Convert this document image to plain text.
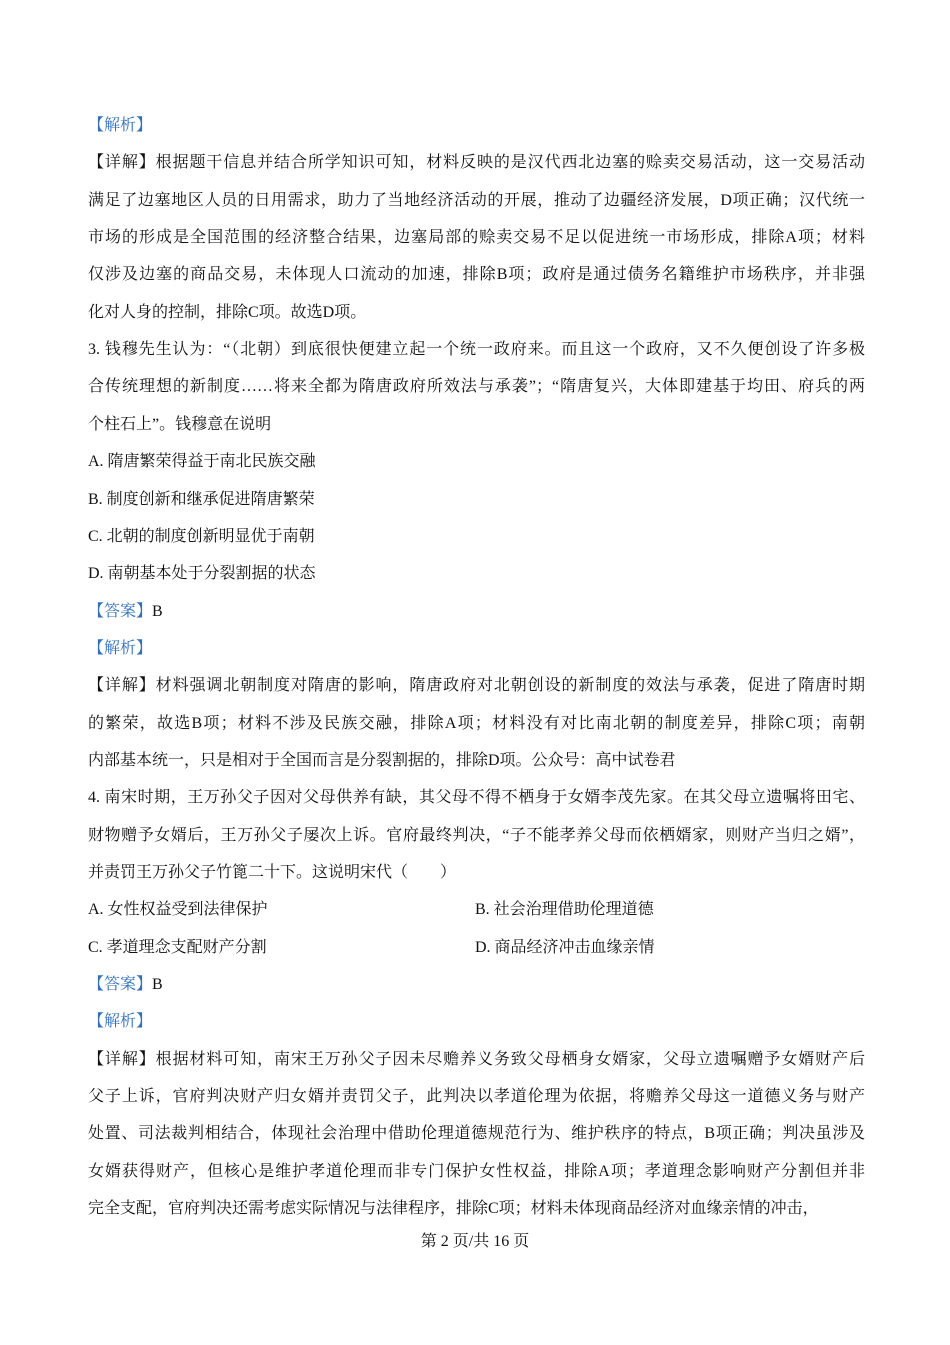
【解析】
【详解】根据题干信息并结合所学知识可知，材料反映的是汉代西北边塞的赊卖交易活动，这一交易活动
满足了边塞地区人员的日用需求，助力了当地经济活动的开展，推动了边疆经济发展，D项正确；汉代统一
市场的形成是全国范围的经济整合结果，边塞局部的赊卖交易不足以促进统一市场形成，排除A项；材料
仅涉及边塞的商品交易，未体现人口流动的加速，排除B项；政府是通过债务名籍维护市场秩序，并非强
化对人身的控制，排除C项。故选D项。
3. 钱穆先生认为：“（北朝）到底很快便建立起一个统一政府来。而且这一个政府，又不久便创设了许多极
合传统理想的新制度……将来全都为隋唐政府所效法与承袭”；“隋唐复兴，大体即建基于均田、府兵的两
个柱石上”。钱穆意在说明
A. 隋唐繁荣得益于南北民族交融
B. 制度创新和继承促进隋唐繁荣
C. 北朝的制度创新明显优于南朝
D. 南朝基本处于分裂割据的状态
【答案】B
【解析】
【详解】材料强调北朝制度对隋唐的影响，隋唐政府对北朝创设的新制度的效法与承袭，促进了隋唐时期
的繁荣，故选B项；材料不涉及民族交融，排除A项；材料没有对比南北朝的制度差异，排除C项；南朝
内部基本统一，只是相对于全国而言是分裂割据的，排除D项。公众号：高中试卷君
4. 南宋时期，王万孙父子因对父母供养有缺，其父母不得不栖身于女婿李茂先家。在其父母立遗嘱将田宅、
财物赠予女婿后，王万孙父子屡次上诉。官府最终判决，“子不能孝养父母而依栖婿家，则财产当归之婿”，
并责罚王万孙父子竹篦二十下。这说明宋代（　　）
A. 女性权益受到法律保护	B. 社会治理借助伦理道德
C. 孝道理念支配财产分割	D. 商品经济冲击血缘亲情
【答案】B
【解析】
【详解】根据材料可知，南宋王万孙父子因未尽赡养义务致父母栖身女婿家，父母立遗嘱赠予女婿财产后
父子上诉，官府判决财产归女婿并责罚父子，此判决以孝道伦理为依据，将赡养父母这一道德义务与财产
处置、司法裁判相结合，体现社会治理中借助伦理道德规范行为、维护秩序的特点，B项正确；判决虽涉及
女婿获得财产，但核心是维护孝道伦理而非专门保护女性权益，排除A项；孝道理念影响财产分割但并非
完全支配，官府判决还需考虑实际情况与法律程序，排除C项；材料未体现商品经济对血缘亲情的冲击，
第 2 页/共 16 页
